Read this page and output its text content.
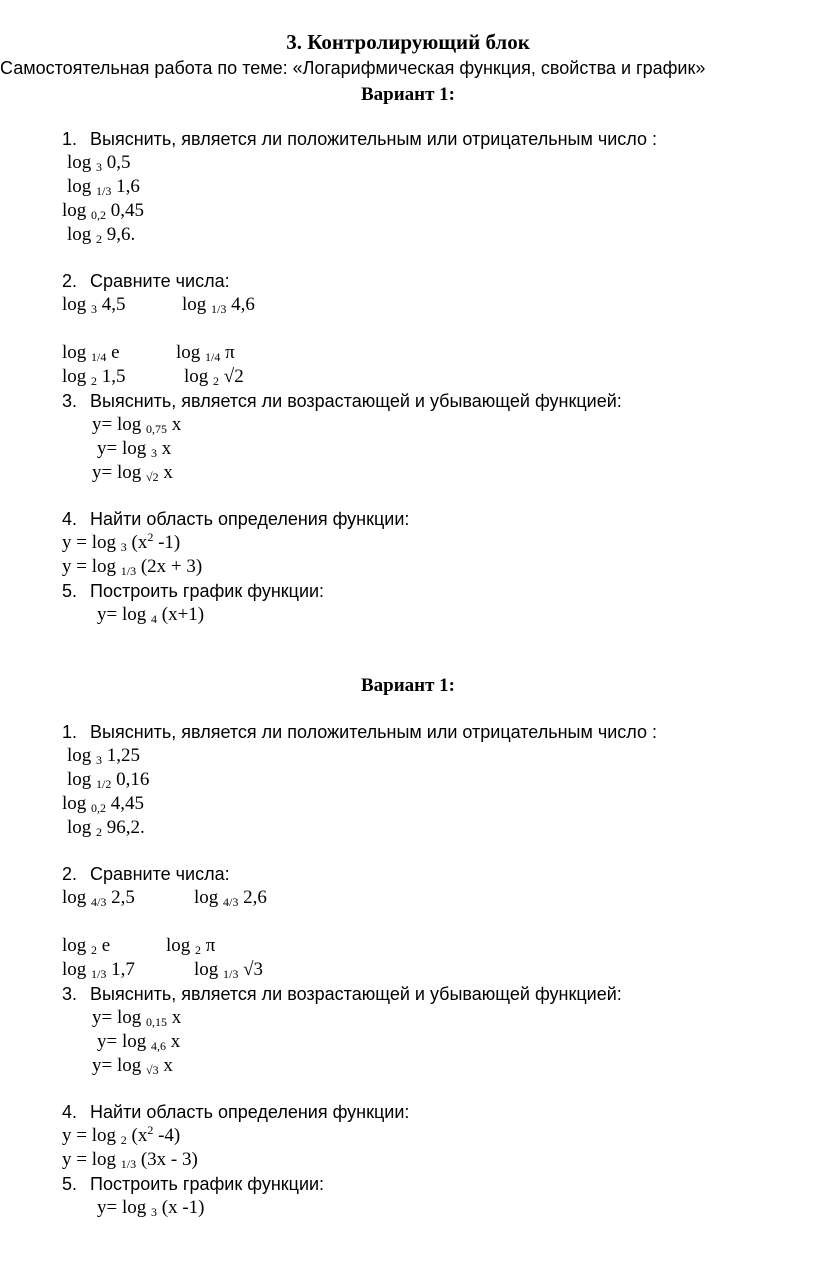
3. Контролирующий блок
Самостоятельная работа по теме: «Логарифмическая функция, свойства и график»
Вариант 1:
1. Выяснить, является ли положительным или отрицательным число :
log $_3$ 0,5
log $_{1/3}$ 1,6
log $_{0,2}$ 0,45
log $_2$ 9,6.
2. Сравните числа:
log $_3$ 4,5	log $_{1/3}$ 4,6
log $_{1/4}$ e	log $_{1/4}$ π
log $_2$ 1,5	log $_2$ √2
3. Выяснить, является ли возрастающей и убывающей функцией:
y= log $_{0,75}$ x
y= log $_3$ x
y= log $_{√2}$ x
4. Найти область определения функции:
y = log $_3$ ($x^2$ -1)
y = log $_{1/3}$ (2x + 3)
5. Построить график функции:
y= log $_4$ (x+1)
Вариант 1:
1. Выяснить, является ли положительным или отрицательным число :
log $_3$ 1,25
log $_{1/2}$ 0,16
log $_{0,2}$ 4,45
log $_2$ 96,2.
2. Сравните числа:
log $_{4/3}$ 2,5	log $_{4/3}$ 2,6
log $_2$ e	log $_2$ π
log $_{1/3}$ 1,7	log $_{1/3}$ √3
3. Выяснить, является ли возрастающей и убывающей функцией:
y= log $_{0,15}$ x
y= log $_{4,6}$ x
y= log $_{√3}$ x
4. Найти область определения функции:
y = log $_2$ ($x^2$ -4)
y = log $_{1/3}$ (3x - 3)
5. Построить график функции:
y= log $_3$ (x -1)
